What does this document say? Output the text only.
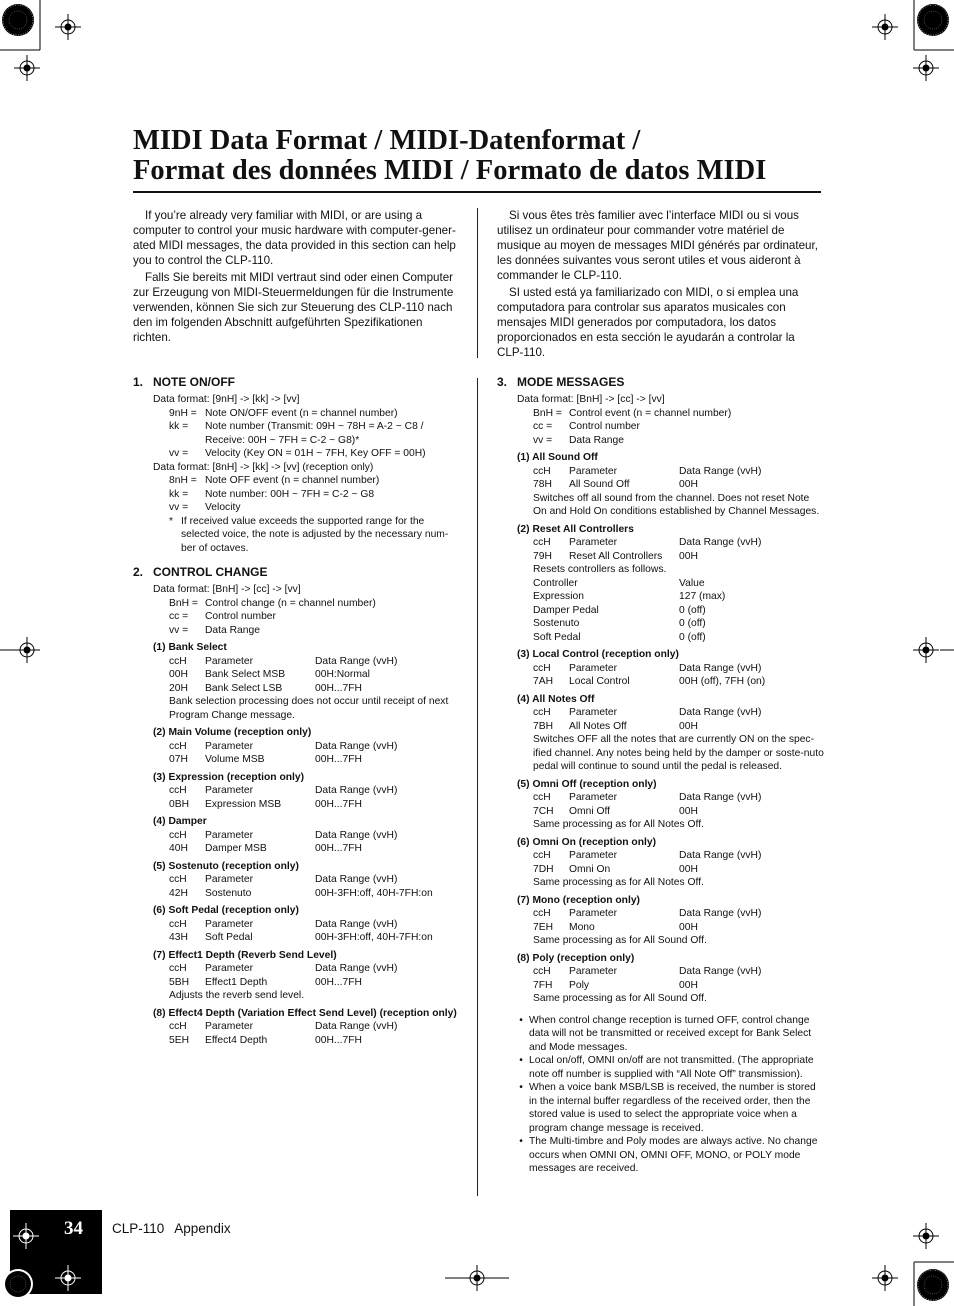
34 CLP-110 Appendix
MIDI Data Format / MIDI-Datenformat /
Format des données MIDI / Formato de datos MIDI

If you’re already very familiar with MIDI, or are using a computer to control your music hardware with computer-gener-ated MIDI messages, the data provided in this section can help you to control the CLP-110.

Falls Sie bereits mit MIDI vertraut sind oder einen Computer zur Erzeugung von MIDI-Steuermeldungen für die Instrumente verwenden, können Sie sich zur Steuerung des CLP-110 nach den im folgenden Abschnitt aufgeführten Spezifikationen richten.

Si vous êtes très familier avec l’interface MIDI ou si vous utilisez un ordinateur pour commander votre matériel de musique au moyen de messages MIDI générés par ordinateur, les données suivantes vous seront utiles et vous aideront à commander le CLP-110.

SI usted está ya familiarizado con MIDI, o si emplea una computadora para controlar sus aparatos musicales con mensajes MIDI generados por computadora, los datos proporcionados en esta sección le ayudarán a controlar la CLP-110.

1. NOTE ON/OFF
Data format: [9nH] -> [kk] -> [vv]
9nH = Note ON/OFF event (n = channel number)
kk =	Note number (Transmit: 09H ~ 78H = A-2 ~ C8 /
Receive: 00H ~ 7FH = C-2 ~ G8)*
vv =	Velocity (Key ON = 01H ~ 7FH, Key OFF = 00H)
Data format: [8nH] -> [kk] -> [vv] (reception only)
8nH = Note OFF event (n = channel number)
kk =	Note number: 00H ~ 7FH = C-2 ~ G8
vv =	Velocity
* If received value exceeds the supported range for the selected voice, the note is adjusted by the necessary num-ber of octaves.
2. CONTROL CHANGE
Data format: [BnH] -> [cc] -> [vv]
BnH = Control change (n = channel number)
cc =	Control number
vv =	Data Range
(1) Bank Select
ccH	Parameter	Data Range (vvH)
00H	Bank Select MSB	00H:Normal
20H	Bank Select LSB	00H...7FH
Bank selection processing does not occur until receipt of next Program Change message.
(2) Main Volume (reception only)
ccH	Parameter	Data Range (vvH)
07H	Volume MSB	00H...7FH
(3) Expression (reception only)
ccH	Parameter	Data Range (vvH)
0BH	Expression MSB	00H...7FH
(4) Damper
ccH	Parameter	Data Range (vvH)
40H	Damper MSB	00H...7FH
(5) Sostenuto (reception only)
ccH	Parameter	Data Range (vvH)
42H	Sostenuto	00H-3FH:off, 40H-7FH:on
(6) Soft Pedal (reception only)
ccH	Parameter	Data Range (vvH)
43H	Soft Pedal	00H-3FH:off, 40H-7FH:on
(7) Effect1 Depth (Reverb Send Level)
ccH	Parameter	Data Range (vvH)
5BH	Effect1 Depth	00H...7FH
Adjusts the reverb send level.
(8) Effect4 Depth (Variation Effect Send Level) (reception only)
ccH	Parameter	Data Range (vvH)
5EH	Effect4 Depth	00H...7FH
3. MODE MESSAGES
Data format: [BnH] -> [cc] -> [vv]
BnH = Control event (n = channel number)
cc =	Control number
vv =	Data Range
(1) All Sound Off
ccH	Parameter	Data Range (vvH)
78H	All Sound Off	00H
Switches off all sound from the channel. Does not reset Note On and Hold On conditions established by Channel Messages.
(2) Reset All Controllers
ccH	Parameter	Data Range (vvH)
79H	Reset All Controllers	00H
Resets controllers as follows.
Controller	Value
Expression	127 (max)
Damper Pedal	0 (off)
Sostenuto	0 (off)
Soft Pedal	0 (off)
(3) Local Control (reception only)
ccH	Parameter	Data Range (vvH)
7AH	Local Control	00H (off), 7FH (on)
(4) All Notes Off
ccH	Parameter	Data Range (vvH)
7BH	All Notes Off	00H
Switches OFF all the notes that are currently ON on the spec-ified channel. Any notes being held by the damper or soste-nuto pedal will continue to sound until the pedal is released.
(5) Omni Off (reception only)
ccH	Parameter	Data Range (vvH)
7CH	Omni Off	00H
Same processing as for All Notes Off.
(6) Omni On (reception only)
ccH	Parameter	Data Range (vvH)
7DH	Omni On	00H
Same processing as for All Notes Off.
(7) Mono (reception only)
ccH	Parameter	Data Range (vvH)
7EH	Mono	00H
Same processing as for All Sound Off.
(8) Poly (reception only)
ccH	Parameter	Data Range (vvH)
7FH	Poly	00H
Same processing as for All Sound Off.
• When control change reception is turned OFF, control change data will not be transmitted or received except for Bank Select and Mode messages.
• Local on/off, OMNI on/off are not transmitted. (The appropriate note off number is supplied with “All Note Off” transmission).
• When a voice bank MSB/LSB is received, the number is stored in the internal buffer regardless of the received order, then the stored value is used to select the appropriate voice when a program change message is received.
• The Multi-timbre and Poly modes are always active. No change occurs when OMNI ON, OMNI OFF, MONO, or POLY mode messages are received.
